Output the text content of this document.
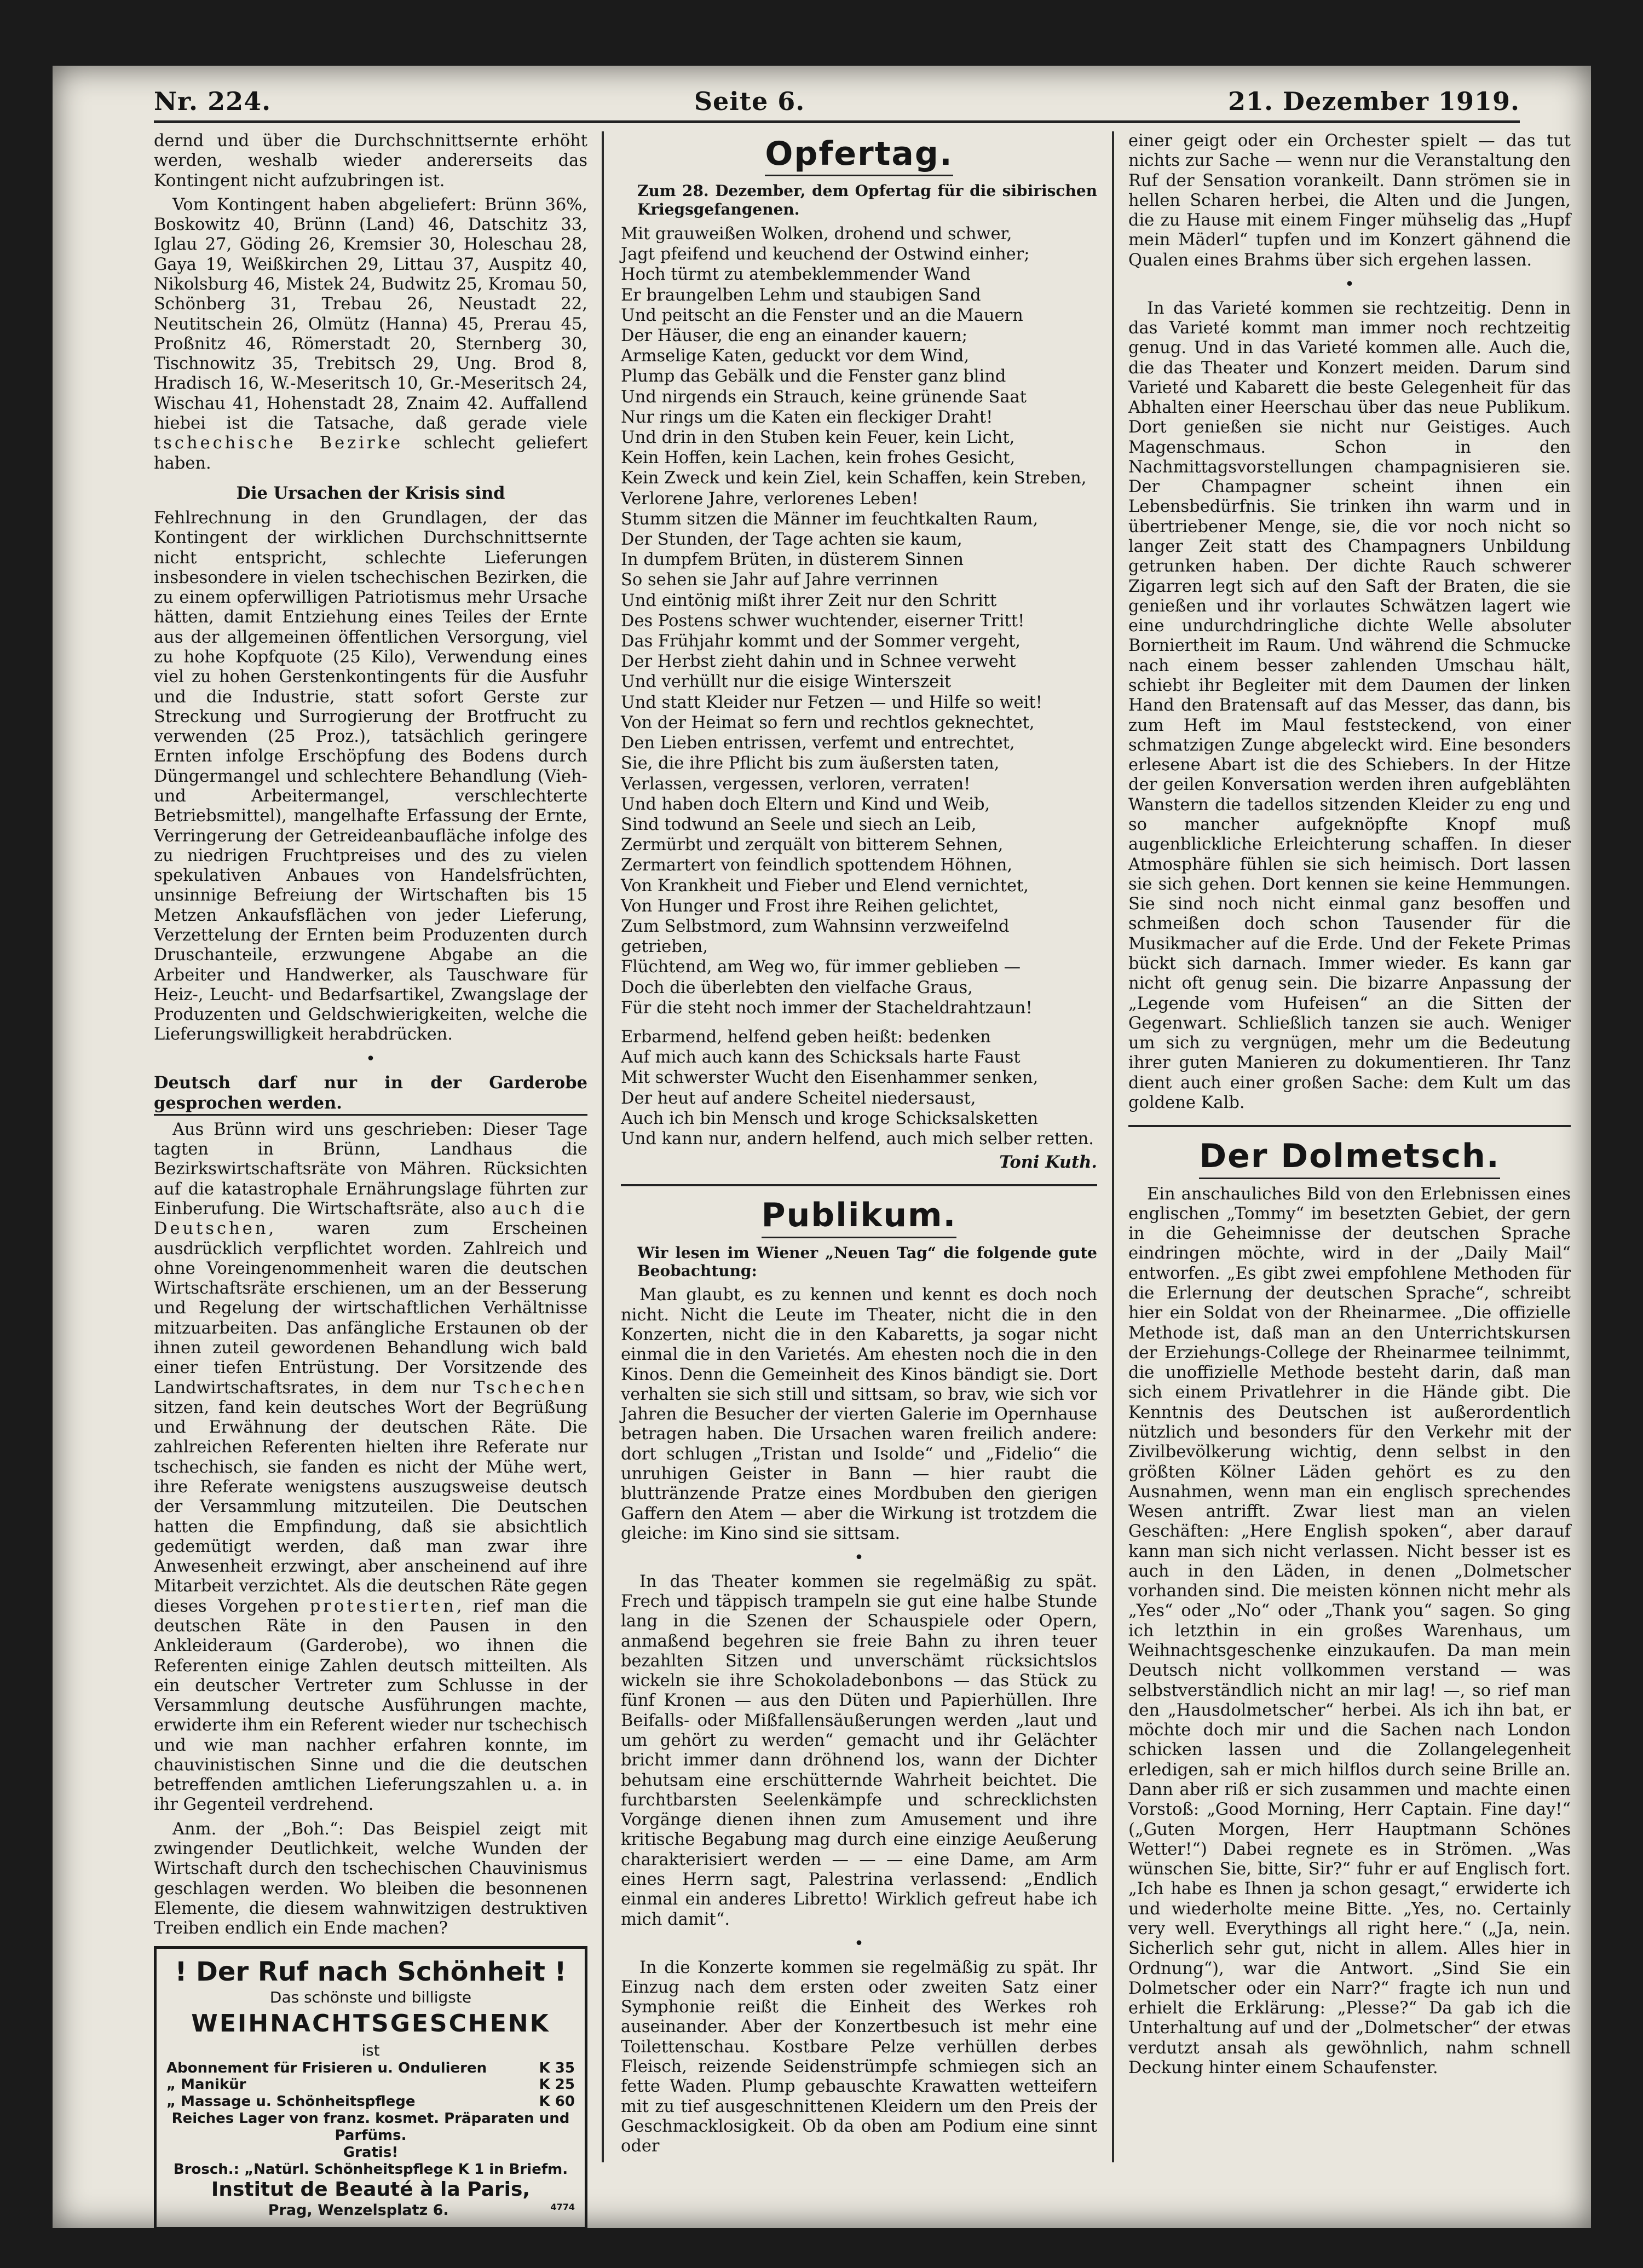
Nr. 224.	Seite 6.	21. Dezember 1919.

dernd und über die Durchschnittsernte erhöht werden, weshalb wieder andererseits das Kontingent nicht aufzubringen ist.

Vom Kontingent haben abgeliefert: Brünn 36%, Boskowitz 40, Brünn (Land) 46, Datschitz 33, Iglau 27, Göding 26, Kremsier 30, Holeschau 28, Gaya 19, Weißkirchen 29, Littau 37, Auspitz 40, Nikolsburg 46, Mistek 24, Budwitz 25, Kromau 50, Schönberg 31, Trebau 26, Neustadt 22, Neutitschein 26, Olmütz (Hanna) 45, Prerau 45, Proßnitz 46, Römerstadt 20, Sternberg 30, Tischnowitz 35, Trebitsch 29, Ung. Brod 8, Hradisch 16, W.-Meseritsch 10, Gr.-Meseritsch 24, Wischau 41, Hohenstadt 28, Znaim 42. Auffallend hiebei ist die Tatsache, daß gerade viele tschechische Bezirke schlecht geliefert haben.

Die Ursachen der Krisis sind

Fehlrechnung in den Grundlagen, der das Kontingent der wirklichen Durchschnittsernte nicht entspricht, schlechte Lieferungen insbesondere in vielen tschechischen Bezirken, die zu einem opferwilligen Patriotismus mehr Ursache hätten, damit Entziehung eines Teiles der Ernte aus der allgemeinen öffentlichen Versorgung, viel zu hohe Kopfquote (25 Kilo), Verwendung eines viel zu hohen Gerstenkontingents für die Ausfuhr und die Industrie, statt sofort Gerste zur Streckung und Surrogierung der Brotfrucht zu verwenden (25 Proz.), tatsächlich geringere Ernten infolge Erschöpfung des Bodens durch Düngermangel und schlechtere Behandlung (Vieh- und Arbeitermangel, verschlechterte Betriebsmittel), mangelhafte Erfassung der Ernte, Verringerung der Getreideanbaufläche infolge des zu niedrigen Fruchtpreises und des zu vielen spekulativen Anbaues von Handelsfrüchten, unsinnige Befreiung der Wirtschaften bis 15 Metzen Ankaufsflächen von jeder Lieferung, Verzettelung der Ernten beim Produzenten durch Druschanteile, erzwungene Abgabe an die Arbeiter und Handwerker, als Tauschware für Heiz-, Leucht- und Bedarfsartikel, Zwangslage der Produzenten und Geldschwierigkeiten, welche die Lieferungswilligkeit herabdrücken.

•

Deutsch darf nur in der Garderobe gesprochen werden.

Aus Brünn wird uns geschrieben: Dieser Tage tagten in Brünn, Landhaus die Bezirkswirtschaftsräte von Mähren. Rücksichten auf die katastrophale Ernährungslage führten zur Einberufung. Die Wirtschaftsräte, also auch die Deutschen, waren zum Erscheinen ausdrücklich verpflichtet worden. Zahlreich und ohne Voreingenommenheit waren die deutschen Wirtschaftsräte erschienen, um an der Besserung und Regelung der wirtschaftlichen Verhältnisse mitzuarbeiten. Das anfängliche Erstaunen ob der ihnen zuteil gewordenen Behandlung wich bald einer tiefen Entrüstung. Der Vorsitzende des Landwirtschaftsrates, in dem nur Tschechen sitzen, fand kein deutsches Wort der Begrüßung und Erwähnung der deutschen Räte. Die zahlreichen Referenten hielten ihre Referate nur tschechisch, sie fanden es nicht der Mühe wert, ihre Referate wenigstens auszugsweise deutsch der Versammlung mitzuteilen. Die Deutschen hatten die Empfindung, daß sie absichtlich gedemütigt werden, daß man zwar ihre Anwesenheit erzwingt, aber anscheinend auf ihre Mitarbeit verzichtet. Als die deutschen Räte gegen dieses Vorgehen protestierten, rief man die deutschen Räte in den Pausen in den Ankleideraum (Garderobe), wo ihnen die Referenten einige Zahlen deutsch mitteilten. Als ein deutscher Vertreter zum Schlusse in der Versammlung deutsche Ausführungen machte, erwiderte ihm ein Referent wieder nur tschechisch und wie man nachher erfahren konnte, im chauvinistischen Sinne und die die deutschen betreffenden amtlichen Lieferungszahlen u. a. in ihr Gegenteil verdrehend.

Anm. der „Boh.“: Das Beispiel zeigt mit zwingender Deutlichkeit, welche Wunden der Wirtschaft durch den tschechischen Chauvinismus geschlagen werden. Wo bleiben die besonnenen Elemente, die diesem wahnwitzigen destruktiven Treiben endlich ein Ende machen?

! Der Ruf nach Schönheit !
Das schönste und billigste
WEIHNACHTSGESCHENK
ist
Abonnement für Frisieren u. Ondulieren	K 35
„ Manikür	K 25
„ Massage u. Schönheitspflege	K 60
Reiches Lager von franz. kosmet. Präparaten und Parfüms.
Gratis!
Brosch.: „Natürl. Schönheitspflege K 1 in Briefm.
Institut de Beauté à la Paris,
Prag, Wenzelsplatz 6.	4774
Opfertag.

Zum 28. Dezember, dem Opfertag für die sibirischen Kriegsgefangenen.

Mit grauweißen Wolken, drohend und schwer,

Jagt pfeifend und keuchend der Ostwind einher;

Hoch türmt zu atembeklemmender Wand

Er braungelben Lehm und staubigen Sand

Und peitscht an die Fenster und an die Mauern

Der Häuser, die eng an einander kauern;

Armselige Katen, geduckt vor dem Wind,

Plump das Gebälk und die Fenster ganz blind

Und nirgends ein Strauch, keine grünende Saat

Nur rings um die Katen ein fleckiger Draht!

Und drin in den Stuben kein Feuer, kein Licht,

Kein Hoffen, kein Lachen, kein frohes Gesicht,

Kein Zweck und kein Ziel, kein Schaffen, kein Streben,

Verlorene Jahre, verlorenes Leben!

Stumm sitzen die Männer im feuchtkalten Raum,

Der Stunden, der Tage achten sie kaum,

In dumpfem Brüten, in düsterem Sinnen

So sehen sie Jahr auf Jahre verrinnen

Und eintönig mißt ihrer Zeit nur den Schritt

Des Postens schwer wuchtender, eiserner Tritt!

Das Frühjahr kommt und der Sommer vergeht,

Der Herbst zieht dahin und in Schnee verweht

Und verhüllt nur die eisige Winterszeit

Und statt Kleider nur Fetzen — und Hilfe so weit!

Von der Heimat so fern und rechtlos geknechtet,

Den Lieben entrissen, verfemt und entrechtet,

Sie, die ihre Pflicht bis zum äußersten taten,

Verlassen, vergessen, verloren, verraten!

Und haben doch Eltern und Kind und Weib,

Sind todwund an Seele und siech an Leib,

Zermürbt und zerquält von bitterem Sehnen,

Zermartert von feindlich spottendem Höhnen,

Von Krankheit und Fieber und Elend vernichtet,

Von Hunger und Frost ihre Reihen gelichtet,

Zum Selbstmord, zum Wahnsinn verzweifelnd getrieben,

Flüchtend, am Weg wo, für immer geblieben —

Doch die überlebten den vielfache Graus,

Für die steht noch immer der Stacheldrahtzaun!

Erbarmend, helfend geben heißt: bedenken

Auf mich auch kann des Schicksals harte Faust

Mit schwerster Wucht den Eisenhammer senken,

Der heut auf andere Scheitel niedersaust,

Auch ich bin Mensch und kroge Schicksalsketten

Und kann nur, andern helfend, auch mich selber retten.

Toni Kuth.
Publikum.

Wir lesen im Wiener „Neuen Tag“ die folgende gute Beobachtung:

Man glaubt, es zu kennen und kennt es doch noch nicht. Nicht die Leute im Theater, nicht die in den Konzerten, nicht die in den Kabaretts, ja sogar nicht einmal die in den Varietés. Am ehesten noch die in den Kinos. Denn die Gemeinheit des Kinos bändigt sie. Dort verhalten sie sich still und sittsam, so brav, wie sich vor Jahren die Besucher der vierten Galerie im Opernhause betragen haben. Die Ursachen waren freilich andere: dort schlugen „Tristan und Isolde“ und „Fidelio“ die unruhigen Geister in Bann — hier raubt die bluttränzende Pratze eines Mordbuben den gierigen Gaffern den Atem — aber die Wirkung ist trotzdem die gleiche: im Kino sind sie sittsam.

•

In das Theater kommen sie regelmäßig zu spät. Frech und täppisch trampeln sie gut eine halbe Stunde lang in die Szenen der Schauspiele oder Opern, anmaßend begehren sie freie Bahn zu ihren teuer bezahlten Sitzen und unverschämt rücksichtslos wickeln sie ihre Schokoladebonbons — das Stück zu fünf Kronen — aus den Düten und Papierhüllen. Ihre Beifalls- oder Mißfallensäußerungen werden „laut und um gehört zu werden“ gemacht und ihr Gelächter bricht immer dann dröhnend los, wann der Dichter behutsam eine erschütternde Wahrheit beichtet. Die furchtbarsten Seelenkämpfe und schrecklichsten Vorgänge dienen ihnen zum Amusement und ihre kritische Begabung mag durch eine einzige Aeußerung charakterisiert werden — — — eine Dame, am Arm eines Herrn sagt, Palestrina verlassend: „Endlich einmal ein anderes Libretto! Wirklich gefreut habe ich mich damit“.

•

In die Konzerte kommen sie regelmäßig zu spät. Ihr Einzug nach dem ersten oder zweiten Satz einer Symphonie reißt die Einheit des Werkes roh auseinander. Aber der Konzertbesuch ist mehr eine Toilettenschau. Kostbare Pelze verhüllen derbes Fleisch, reizende Seidenstrümpfe schmiegen sich an fette Waden. Plump gebauschte Krawatten wetteifern mit zu tief ausgeschnittenen Kleidern um den Preis der Geschmacklosigkeit. Ob da oben am Podium eine sinnt oder

einer geigt oder ein Orchester spielt — das tut nichts zur Sache — wenn nur die Veranstaltung den Ruf der Sensation vorankeilt. Dann strömen sie in hellen Scharen herbei, die Alten und die Jungen, die zu Hause mit einem Finger mühselig das „Hupf mein Mäderl“ tupfen und im Konzert gähnend die Qualen eines Brahms über sich ergehen lassen.

•

In das Varieté kommen sie rechtzeitig. Denn in das Varieté kommt man immer noch rechtzeitig genug. Und in das Varieté kommen alle. Auch die, die das Theater und Konzert meiden. Darum sind Varieté und Kabarett die beste Gelegenheit für das Abhalten einer Heerschau über das neue Publikum. Dort genießen sie nicht nur Geistiges. Auch Magenschmaus. Schon in den Nachmittagsvorstellungen champagnisieren sie. Der Champagner scheint ihnen ein Lebensbedürfnis. Sie trinken ihn warm und in übertriebener Menge, sie, die vor noch nicht so langer Zeit statt des Champagners Unbildung getrunken haben. Der dichte Rauch schwerer Zigarren legt sich auf den Saft der Braten, die sie genießen und ihr vorlautes Schwätzen lagert wie eine undurchdringliche dichte Welle absoluter Borniertheit im Raum. Und während die Schmucke nach einem besser zahlenden Umschau hält, schiebt ihr Begleiter mit dem Daumen der linken Hand den Bratensaft auf das Messer, das dann, bis zum Heft im Maul feststeckend, von einer schmatzigen Zunge abgeleckt wird. Eine besonders erlesene Abart ist die des Schiebers. In der Hitze der geilen Konversation werden ihren aufgeblähten Wanstern die tadellos sitzenden Kleider zu eng und so mancher aufgeknöpfte Knopf muß augenblickliche Erleichterung schaffen. In dieser Atmosphäre fühlen sie sich heimisch. Dort lassen sie sich gehen. Dort kennen sie keine Hemmungen. Sie sind noch nicht einmal ganz besoffen und schmeißen doch schon Tausender für die Musikmacher auf die Erde. Und der Fekete Primas bückt sich darnach. Immer wieder. Es kann gar nicht oft genug sein. Die bizarre Anpassung der „Legende vom Hufeisen“ an die Sitten der Gegenwart. Schließlich tanzen sie auch. Weniger um sich zu vergnügen, mehr um die Bedeutung ihrer guten Manieren zu dokumentieren. Ihr Tanz dient auch einer großen Sache: dem Kult um das goldene Kalb.

Der Dolmetsch.

Ein anschauliches Bild von den Erlebnissen eines englischen „Tommy“ im besetzten Gebiet, der gern in die Geheimnisse der deutschen Sprache eindringen möchte, wird in der „Daily Mail“ entworfen. „Es gibt zwei empfohlene Methoden für die Erlernung der deutschen Sprache“, schreibt hier ein Soldat von der Rheinarmee. „Die offizielle Methode ist, daß man an den Unterrichtskursen der Erziehungs-College der Rheinarmee teilnimmt, die unoffizielle Methode besteht darin, daß man sich einem Privatlehrer in die Hände gibt. Die Kenntnis des Deutschen ist außerordentlich nützlich und besonders für den Verkehr mit der Zivilbevölkerung wichtig, denn selbst in den größten Kölner Läden gehört es zu den Ausnahmen, wenn man ein englisch sprechendes Wesen antrifft. Zwar liest man an vielen Geschäften: „Here English spoken“, aber darauf kann man sich nicht verlassen. Nicht besser ist es auch in den Läden, in denen „Dolmetscher vorhanden sind. Die meisten können nicht mehr als „Yes“ oder „No“ oder „Thank you“ sagen. So ging ich letzthin in ein großes Warenhaus, um Weihnachtsgeschenke einzukaufen. Da man mein Deutsch nicht vollkommen verstand — was selbstverständlich nicht an mir lag! —, so rief man den „Hausdolmetscher“ herbei. Als ich ihn bat, er möchte doch mir und die Sachen nach London schicken lassen und die Zollangelegenheit erledigen, sah er mich hilflos durch seine Brille an. Dann aber riß er sich zusammen und machte einen Vorstoß: „Good Morning, Herr Captain. Fine day!“ („Guten Morgen, Herr Hauptmann Schönes Wetter!“) Dabei regnete es in Strömen. „Was wünschen Sie, bitte, Sir?“ fuhr er auf Englisch fort. „Ich habe es Ihnen ja schon gesagt,“ erwiderte ich und wiederholte meine Bitte. „Yes, no. Certainly very well. Everythings all right here.“ („Ja, nein. Sicherlich sehr gut, nicht in allem. Alles hier in Ordnung“), war die Antwort. „Sind Sie ein Dolmetscher oder ein Narr?“ fragte ich nun und erhielt die Erklärung: „Plesse?“ Da gab ich die Unterhaltung auf und der „Dolmetscher“ der etwas verdutzt ansah als gewöhnlich, nahm schnell Deckung hinter einem Schaufenster.
